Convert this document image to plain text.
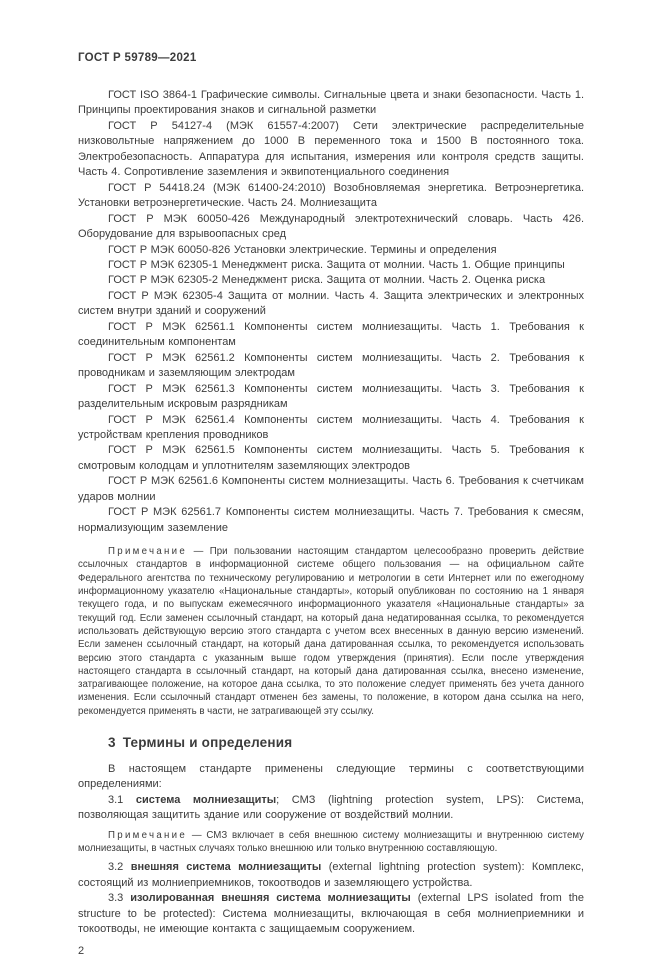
ГОСТ Р 59789—2021

ГОСТ ISO 3864-1 Графические символы. Сигнальные цвета и знаки безопасности. Часть 1. Принципы проектирования знаков и сигнальной разметки

ГОСТ Р 54127-4 (МЭК 61557-4:2007) Сети электрические распределительные низковольтные напряжением до 1000 В переменного тока и 1500 В постоянного тока. Электробезопасность. Аппаратура для испытания, измерения или контроля средств защиты. Часть 4. Сопротивление заземления и эквипотенциального соединения

ГОСТ Р 54418.24 (МЭК 61400-24:2010) Возобновляемая энергетика. Ветроэнергетика. Установки ветроэнергетические. Часть 24. Молниезащита

ГОСТ Р МЭК 60050-426 Международный электротехнический словарь. Часть 426. Оборудование для взрывоопасных сред

ГОСТ Р МЭК 60050-826 Установки электрические. Термины и определения

ГОСТ Р МЭК 62305-1 Менеджмент риска. Защита от молнии. Часть 1. Общие принципы

ГОСТ Р МЭК 62305-2 Менеджмент риска. Защита от молнии. Часть 2. Оценка риска

ГОСТ Р МЭК 62305-4 Защита от молнии. Часть 4. Защита электрических и электронных систем внутри зданий и сооружений

ГОСТ Р МЭК 62561.1 Компоненты систем молниезащиты. Часть 1. Требования к соединительным компонентам

ГОСТ Р МЭК 62561.2 Компоненты систем молниезащиты. Часть 2. Требования к проводникам и заземляющим электродам

ГОСТ Р МЭК 62561.3 Компоненты систем молниезащиты. Часть 3. Требования к разделительным искровым разрядникам

ГОСТ Р МЭК 62561.4 Компоненты систем молниезащиты. Часть 4. Требования к устройствам крепления проводников

ГОСТ Р МЭК 62561.5 Компоненты систем молниезащиты. Часть 5. Требования к смотровым колодцам и уплотнителям заземляющих электродов

ГОСТ Р МЭК 62561.6 Компоненты систем молниезащиты. Часть 6. Требования к счетчикам ударов молнии

ГОСТ Р МЭК 62561.7 Компоненты систем молниезащиты. Часть 7. Требования к смесям, нормализующим заземление

Примечание — При пользовании настоящим стандартом целесообразно проверить действие ссылочных стандартов в информационной системе общего пользования — на официальном сайте Федерального агентства по техническому регулированию и метрологии в сети Интернет или по ежегодному информационному указателю «Национальные стандарты», который опубликован по состоянию на 1 января текущего года, и по выпускам ежемесячного информационного указателя «Национальные стандарты» за текущий год. Если заменен ссылочный стандарт, на который дана недатированная ссылка, то рекомендуется использовать действующую версию этого стандарта с учетом всех внесенных в данную версию изменений. Если заменен ссылочный стандарт, на который дана датированная ссылка, то рекомендуется использовать версию этого стандарта с указанным выше годом утверждения (принятия). Если после утверждения настоящего стандарта в ссылочный стандарт, на который дана датированная ссылка, внесено изменение, затрагивающее положение, на которое дана ссылка, то это положение следует применять без учета данного изменения. Если ссылочный стандарт отменен без замены, то положение, в котором дана ссылка на него, рекомендуется применять в части, не затрагивающей эту ссылку.

3 Термины и определения

В настоящем стандарте применены следующие термины с соответствующими определениями:

3.1 система молниезащиты; СМЗ (lightning protection system, LPS): Система, позволяющая защитить здание или сооружение от воздействий молнии.

Примечание — СМЗ включает в себя внешнюю систему молниезащиты и внутреннюю систему молниезащиты, в частных случаях только внешнюю или только внутреннюю составляющую.

3.2 внешняя система молниезащиты (external lightning protection system): Комплекс, состоящий из молниеприемников, токоотводов и заземляющего устройства.

3.3 изолированная внешняя система молниезащиты (external LPS isolated from the structure to be protected): Система молниезащиты, включающая в себя молниеприемники и токоотводы, не имеющие контакта с защищаемым сооружением.

2
